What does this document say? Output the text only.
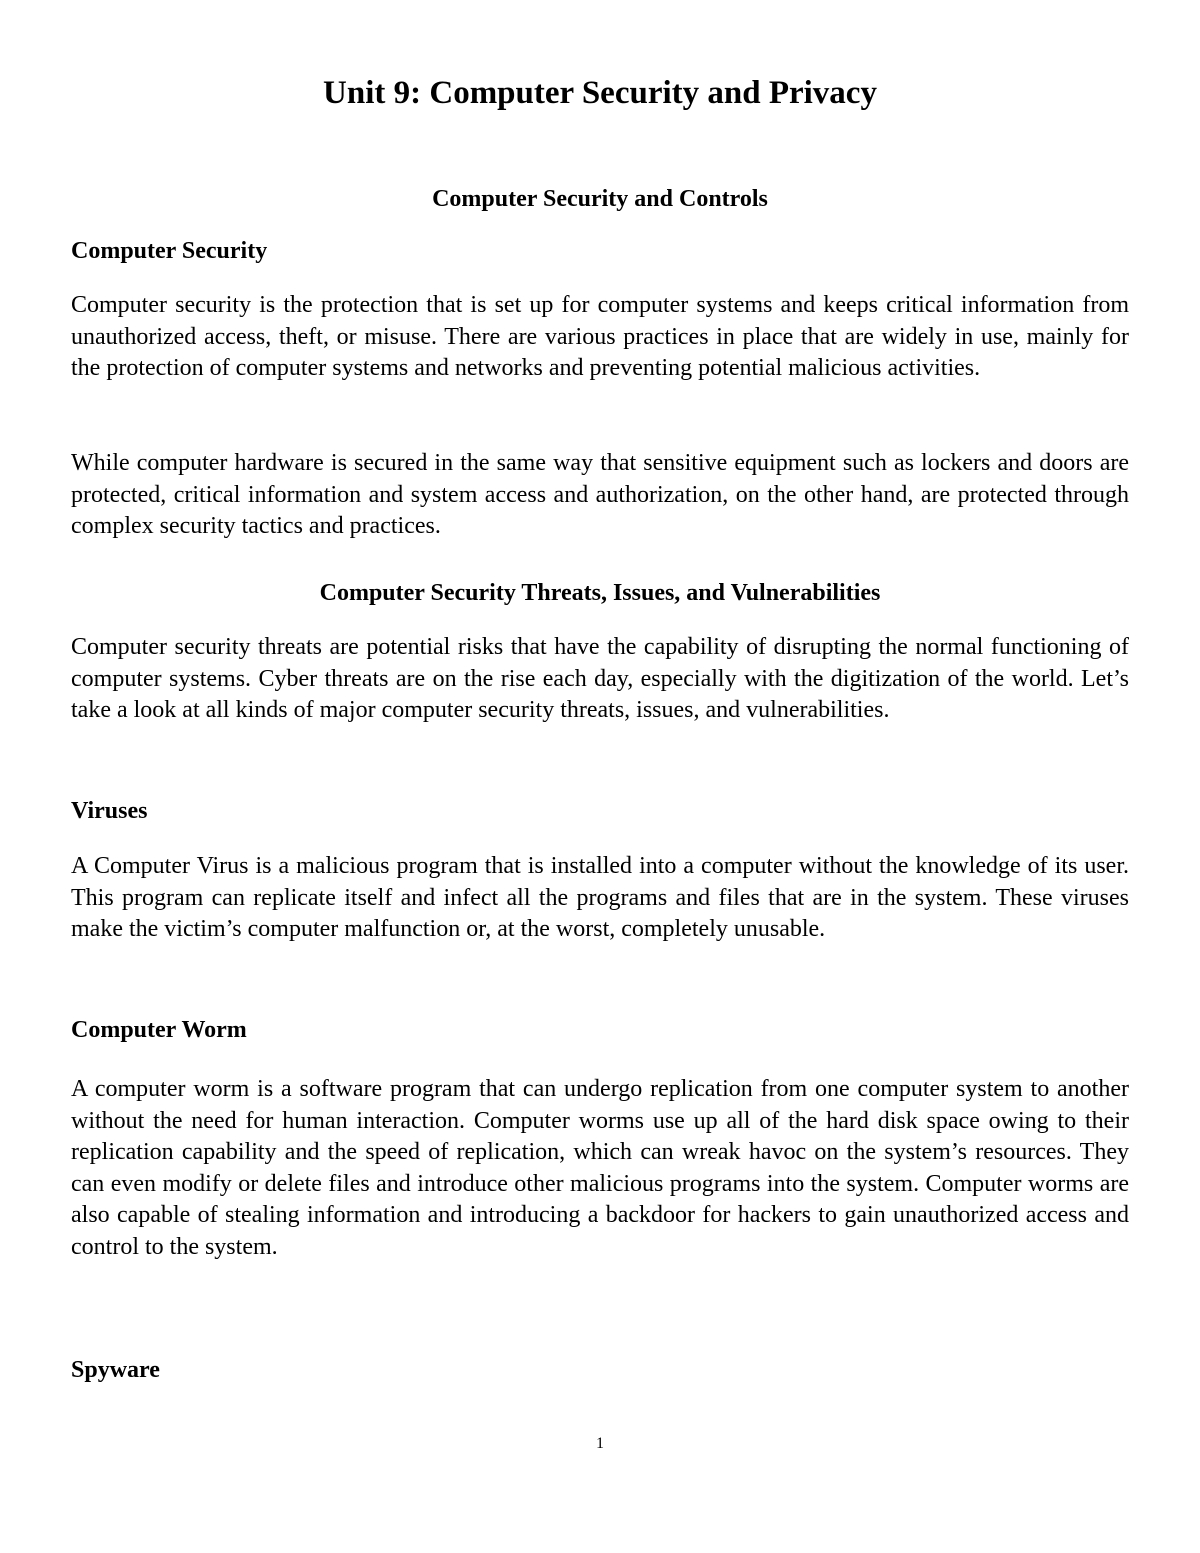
Unit 9: Computer Security and Privacy
Computer Security and Controls
Computer Security

Computer security is the protection that is set up for computer systems and keeps critical information from unauthorized access, theft, or misuse. There are various practices in place that are widely in use, mainly for the protection of computer systems and networks and preventing potential malicious activities.

While computer hardware is secured in the same way that sensitive equipment such as lockers and doors are protected, critical information and system access and authorization, on the other hand, are protected through complex security tactics and practices.

Computer Security Threats, Issues, and Vulnerabilities

Computer security threats are potential risks that have the capability of disrupting the normal functioning of computer systems. Cyber threats are on the rise each day, especially with the digitization of the world. Let’s take a look at all kinds of major computer security threats, issues, and vulnerabilities.

Viruses

A Computer Virus is a malicious program that is installed into a computer without the knowledge of its user. This program can replicate itself and infect all the programs and files that are in the system. These viruses make the victim’s computer malfunction or, at the worst, completely unusable.

Computer Worm

A computer worm is a software program that can undergo replication from one computer system to another without the need for human interaction. Computer worms use up all of the hard disk space owing to their replication capability and the speed of replication, which can wreak havoc on the system’s resources. They can even modify or delete files and introduce other malicious programs into the system. Computer worms are also capable of stealing information and introducing a backdoor for hackers to gain unauthorized access and control to the system.

Spyware

1
